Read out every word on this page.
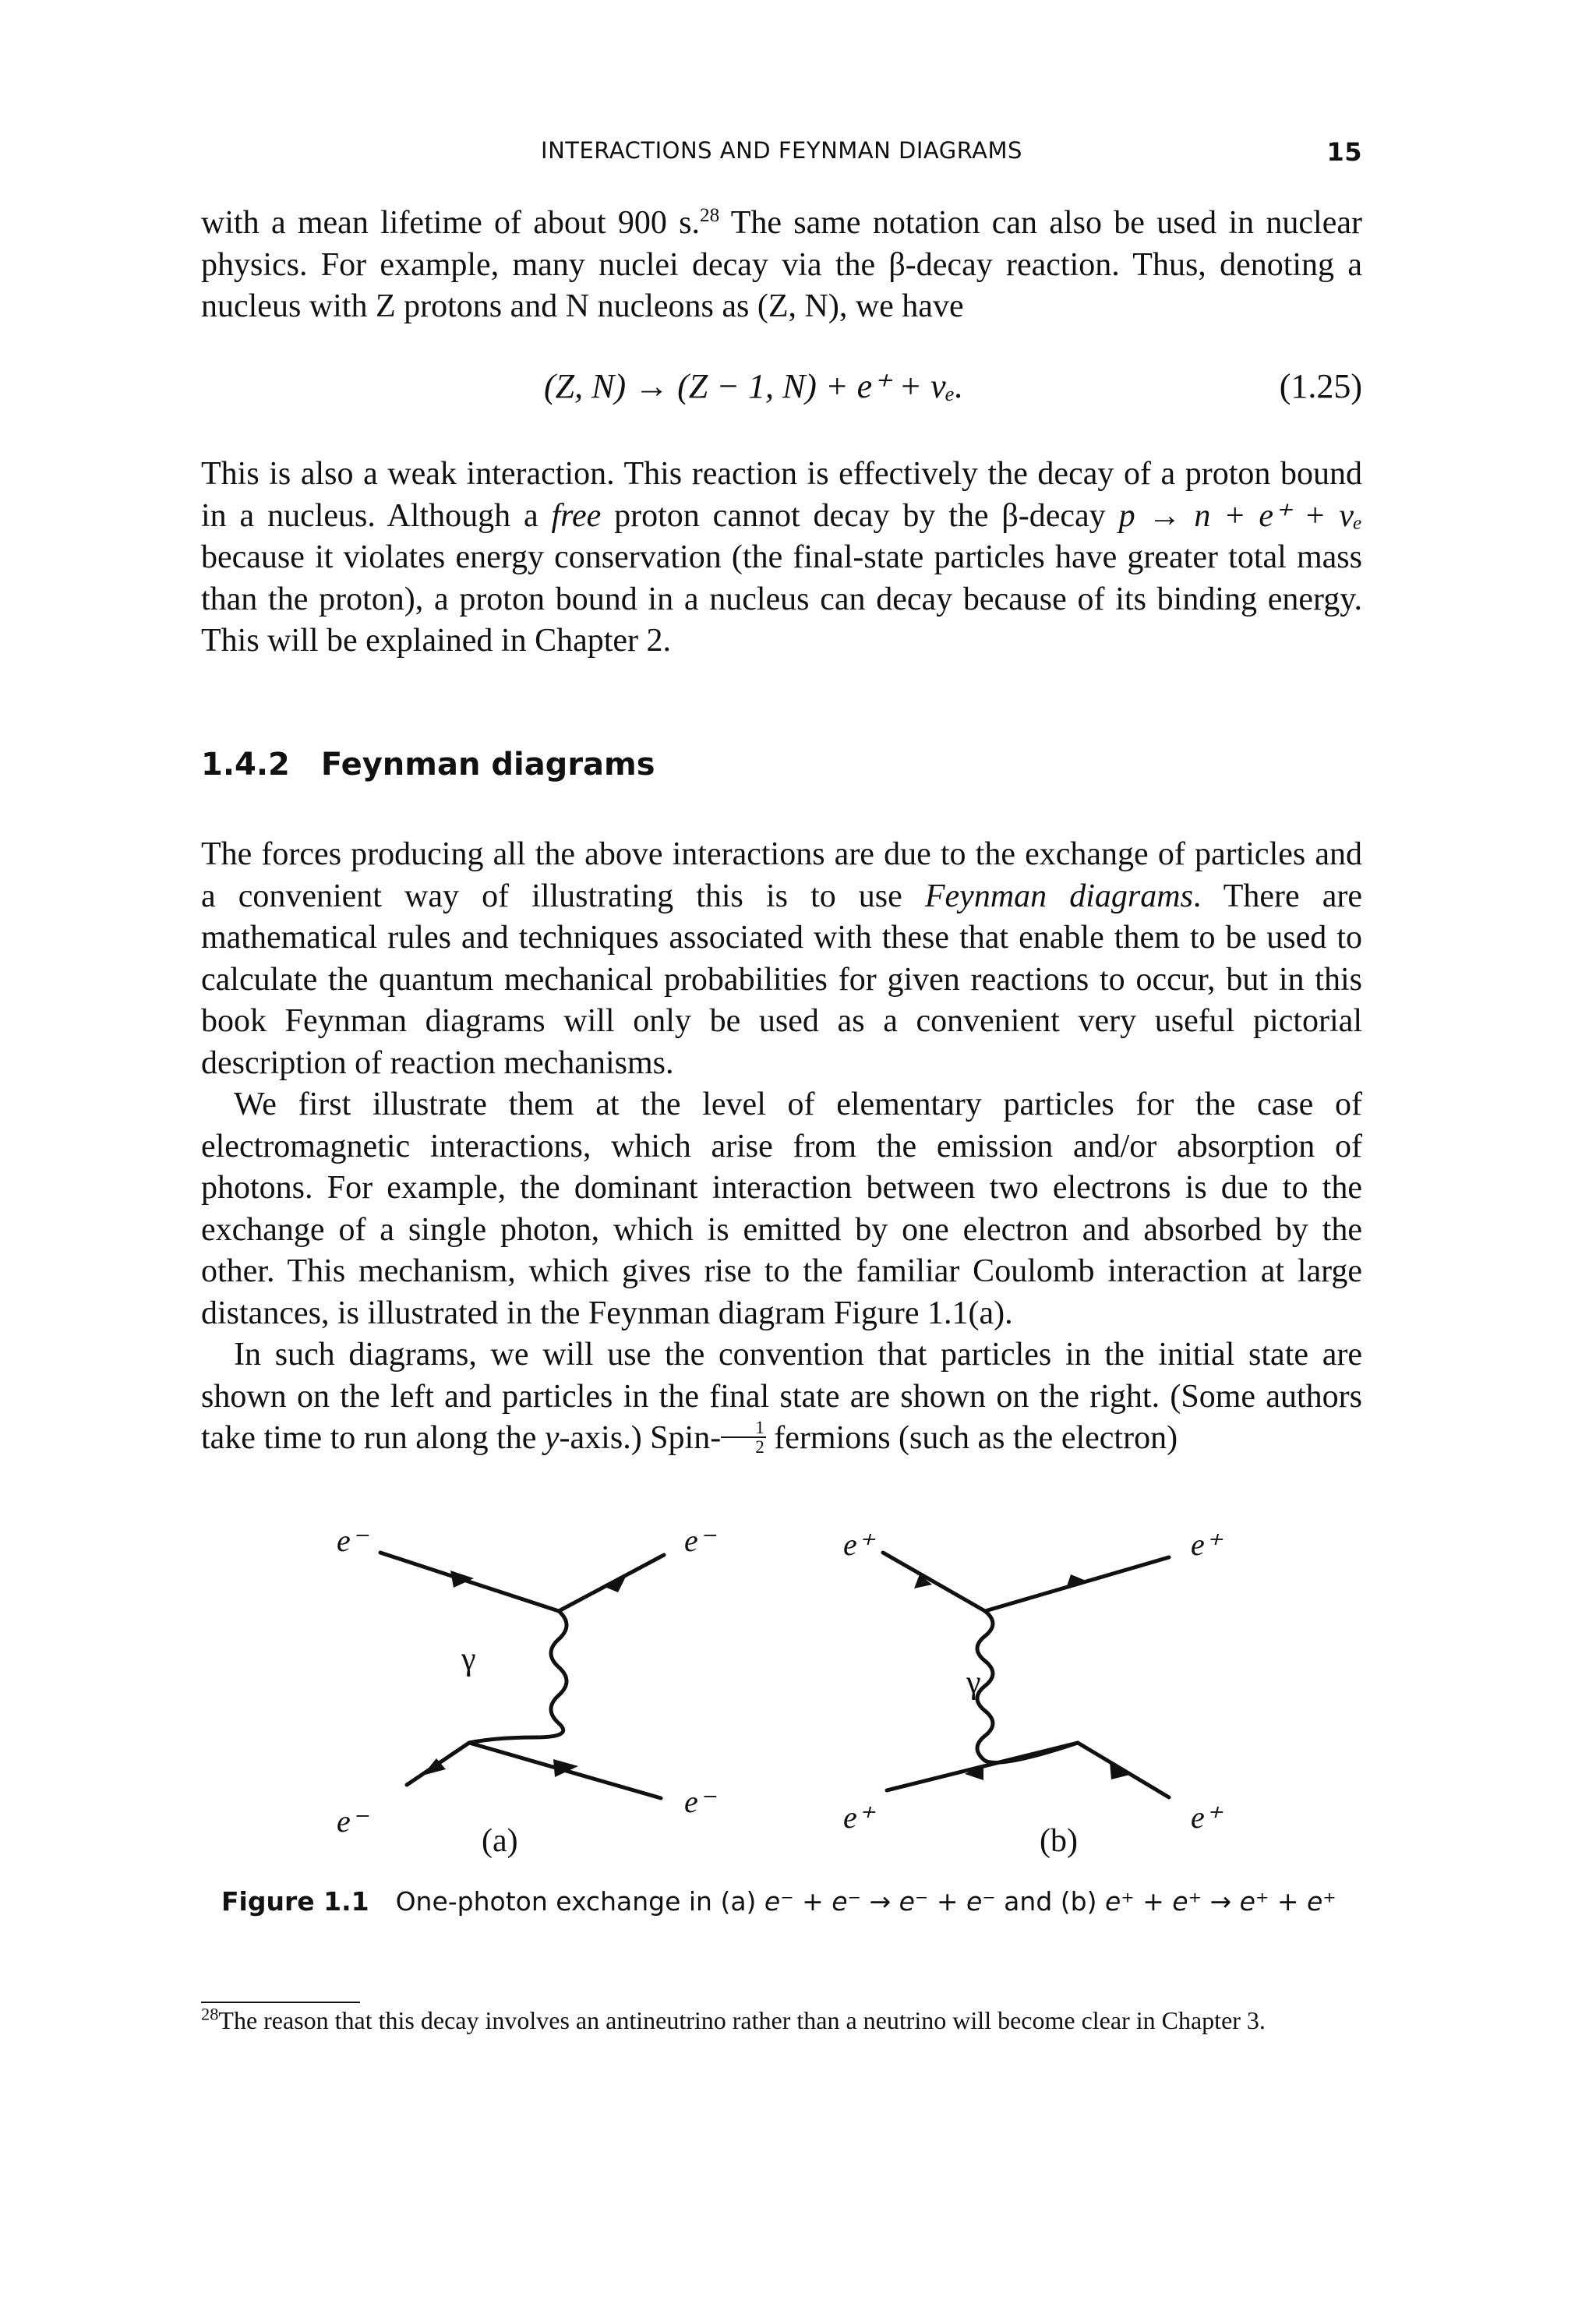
INTERACTIONS AND FEYNMAN DIAGRAMS	15

with a mean lifetime of about 900 s.$^{28}$ The same notation can also be used in nuclear physics. For example, many nuclei decay via the β-decay reaction. Thus, denoting a nucleus with Z protons and N nucleons as (Z, N), we have

(Z, N) → (Z − 1, N) + e⁺ + νₑ.	(1.25)

This is also a weak interaction. This reaction is effectively the decay of a proton bound in a nucleus. Although a free proton cannot decay by the β-decay p → n + e⁺ + νₑ because it violates energy conservation (the final-state particles have greater total mass than the proton), a proton bound in a nucleus can decay because of its binding energy. This will be explained in Chapter 2.

1.4.2 Feynman diagrams

The forces producing all the above interactions are due to the exchange of particles and a convenient way of illustrating this is to use Feynman diagrams. There are mathematical rules and techniques associated with these that enable them to be used to calculate the quantum mechanical probabilities for given reactions to occur, but in this book Feynman diagrams will only be used as a convenient very useful pictorial description of reaction mechanisms.

We first illustrate them at the level of elementary particles for the case of electromagnetic interactions, which arise from the emission and/or absorption of photons. For example, the dominant interaction between two electrons is due to the exchange of a single photon, which is emitted by one electron and absorbed by the other. This mechanism, which gives rise to the familiar Coulomb interaction at large distances, is illustrated in the Feynman diagram Figure 1.1(a).

In such diagrams, we will use the convention that particles in the initial state are shown on the left and particles in the final state are shown on the right. (Some authors take time to run along the y-axis.) Spin- $\frac{1}{2}$ fermions (such as the electron)

e⁻	e⁻
e⁻
e⁻
e⁺	e⁺
e⁺	e⁺
γ
γ
(a)	(b)
Figure 1.1 One-photon exchange in (a) e⁻ + e⁻ → e⁻ + e⁻ and (b) e⁺ + e⁺ → e⁺ + e⁺
$^{28}$The reason that this decay involves an antineutrino rather than a neutrino will become clear in Chapter 3.
